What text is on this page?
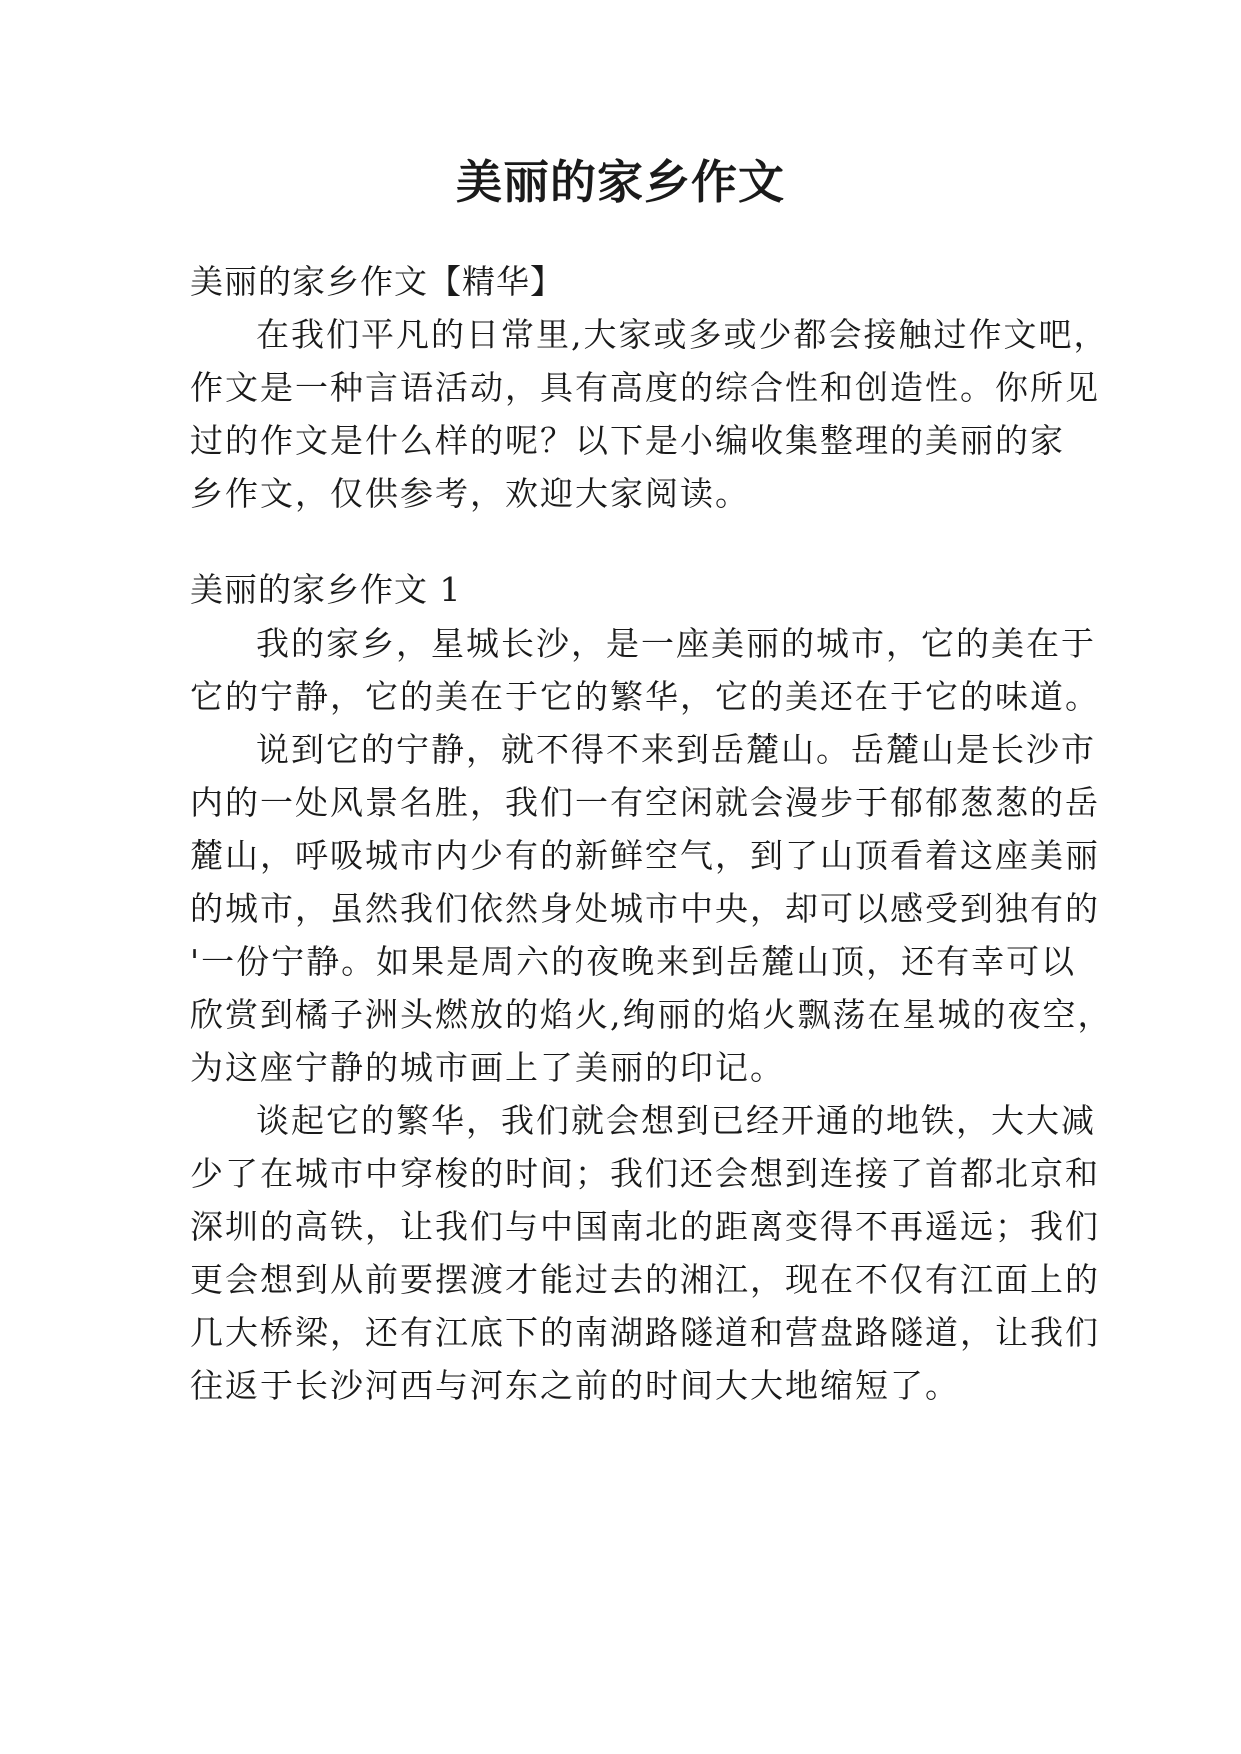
美丽的家乡作文
美丽的家乡作文【精华】
在我们平凡的日常里,大家或多或少都会接触过作文吧，
作文是一种言语活动，具有高度的综合性和创造性。你所见
过的作文是什么样的呢？以下是小编收集整理的美丽的家
乡作文，仅供参考，欢迎大家阅读。
美丽的家乡作文 1
我的家乡，星城长沙，是一座美丽的城市，它的美在于
它的宁静，它的美在于它的繁华，它的美还在于它的味道。
说到它的宁静，就不得不来到岳麓山。岳麓山是长沙市
内的一处风景名胜，我们一有空闲就会漫步于郁郁葱葱的岳
麓山，呼吸城市内少有的新鲜空气，到了山顶看着这座美丽
的城市，虽然我们依然身处城市中央，却可以感受到独有的
'一份宁静。如果是周六的夜晚来到岳麓山顶，还有幸可以
欣赏到橘子洲头燃放的焰火,绚丽的焰火飘荡在星城的夜空，
为这座宁静的城市画上了美丽的印记。
谈起它的繁华，我们就会想到已经开通的地铁，大大减
少了在城市中穿梭的时间；我们还会想到连接了首都北京和
深圳的高铁，让我们与中国南北的距离变得不再遥远；我们
更会想到从前要摆渡才能过去的湘江，现在不仅有江面上的
几大桥梁，还有江底下的南湖路隧道和营盘路隧道，让我们
往返于长沙河西与河东之前的时间大大地缩短了。
